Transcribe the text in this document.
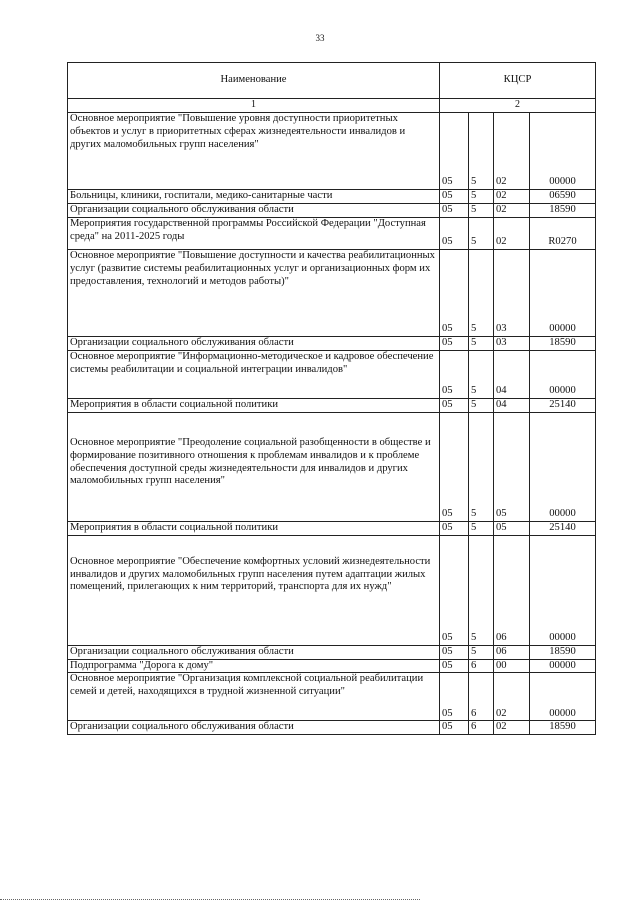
33
Наименование	КЦСР			
1	2			
Основное мероприятие "Повышение уровня доступности приоритетных объектов и услуг в приоритетных сферах жизнедеятельности инвалидов и других маломобильных групп населения"	05	5	02	00000
Больницы, клиники, госпитали, медико-санитарные части	05	5	02	06590
Организации социального обслуживания области	05	5	02	18590
Мероприятия государственной программы Российской Федерации "Доступная среда" на 2011-2025 годы	05	5	02	R0270
Основное мероприятие "Повышение доступности и качества реабилитационных услуг (развитие системы реабилитационных услуг и организационных форм их предоставления, технологий и методов работы)"	05	5	03	00000
Организации социального обслуживания области	05	5	03	18590
Основное мероприятие "Информационно-методическое и кадровое обеспечение системы реабилитации и социальной интеграции инвалидов"	05	5	04	00000
Мероприятия в области социальной политики	05	5	04	25140
Основное мероприятие "Преодоление социальной разобщенности в обществе и формирование позитивного отношения к проблемам инвалидов и к проблеме обеспечения доступной среды жизнедеятельности для инвалидов и других маломобильных групп населения"	05	5	05	00000
Мероприятия в области социальной политики	05	5	05	25140
Основное мероприятие "Обеспечение комфортных условий жизнедеятельности инвалидов и других маломобильных групп населения путем адаптации жилых помещений, прилегающих к ним территорий, транспорта для их нужд"	05	5	06	00000
Организации социального обслуживания области	05	5	06	18590
Подпрограмма "Дорога к дому"	05	6	00	00000
Основное мероприятие "Организация комплексной социальной реабилитации семей и детей, находящихся в трудной жизненной ситуации"	05	6	02	00000
Организации социального обслуживания области	05	6	02	18590
